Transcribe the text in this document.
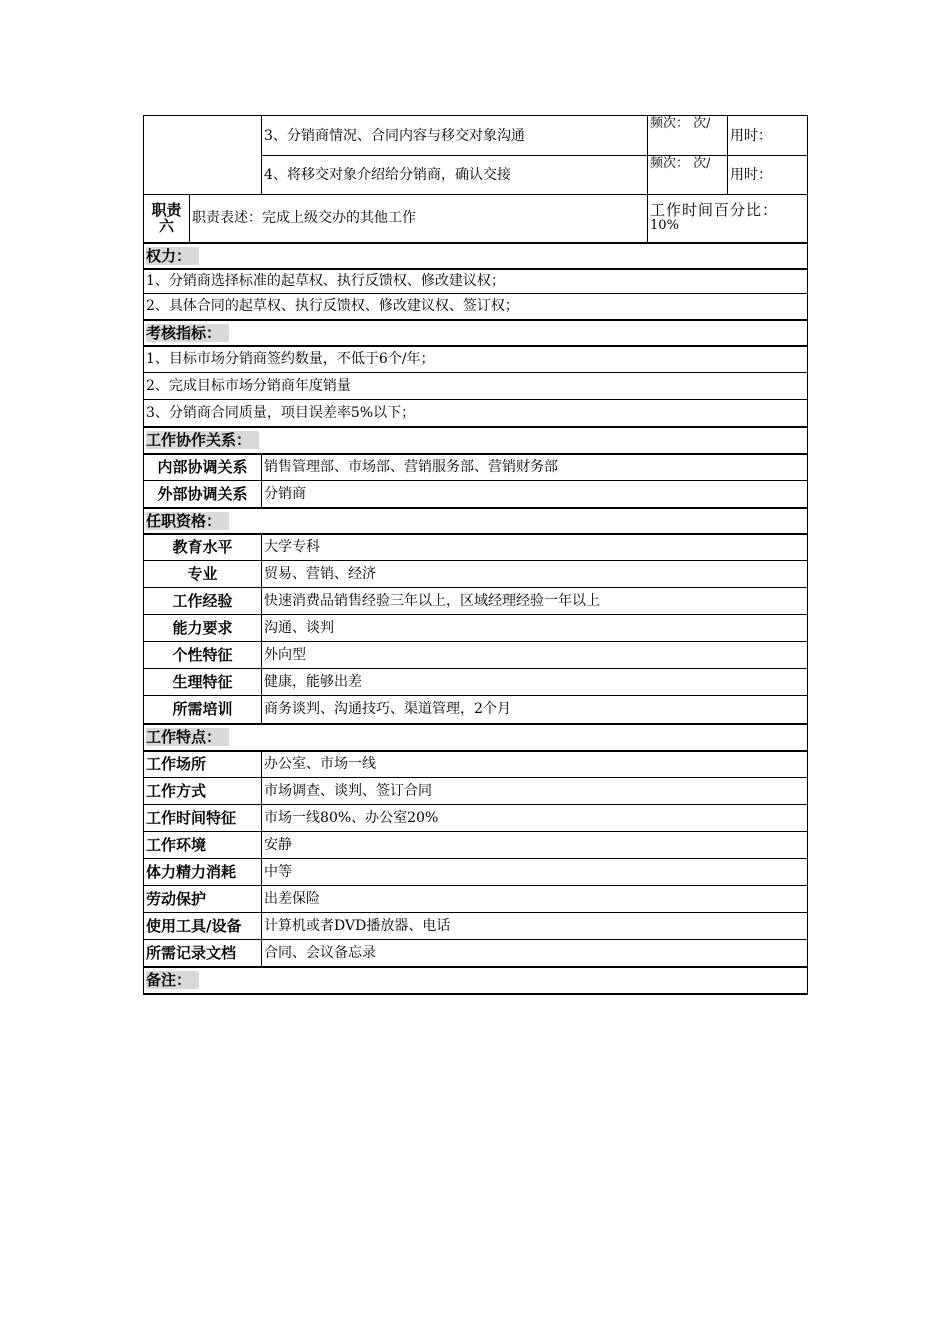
		3、分销商情况、合同内容与移交对象沟通	频次： 次/	用时：
		4、将移交对象介绍给分销商，确认交接	频次： 次/	用时：
职责六	职责表述：完成上级交办的其他工作		工作时间百分比：
10%	

权力：				
1、分销商选择标准的起草权、执行反馈权、修改建议权；				
2、具体合同的起草权、执行反馈权、修改建议权、签订权；				
考核指标：				
1、目标市场分销商签约数量，不低于6个/年；				
2、完成目标市场分销商年度销量				
3、分销商合同质量，项目误差率5%以下；				
工作协作关系：				
内部协调关系		销售管理部、市场部、营销服务部、营销财务部		
外部协调关系		分销商		
任职资格：				
教育水平		大学专科		
专业		贸易、营销、经济		
工作经验		快速消费品销售经验三年以上，区域经理经验一年以上		
能力要求		沟通、谈判		
个性特征		外向型		
生理特征		健康，能够出差		
所需培训		商务谈判、沟通技巧、渠道管理，2个月		
工作特点：				
工作场所		办公室、市场一线		
工作方式		市场调查、谈判、签订合同		
工作时间特征		市场一线80%、办公室20%		
工作环境		安静		
体力精力消耗		中等		
劳动保护		出差保险		
使用工具/设备		计算机或者DVD播放器、电话		
所需记录文档		合同、会议备忘录		
备注：				
